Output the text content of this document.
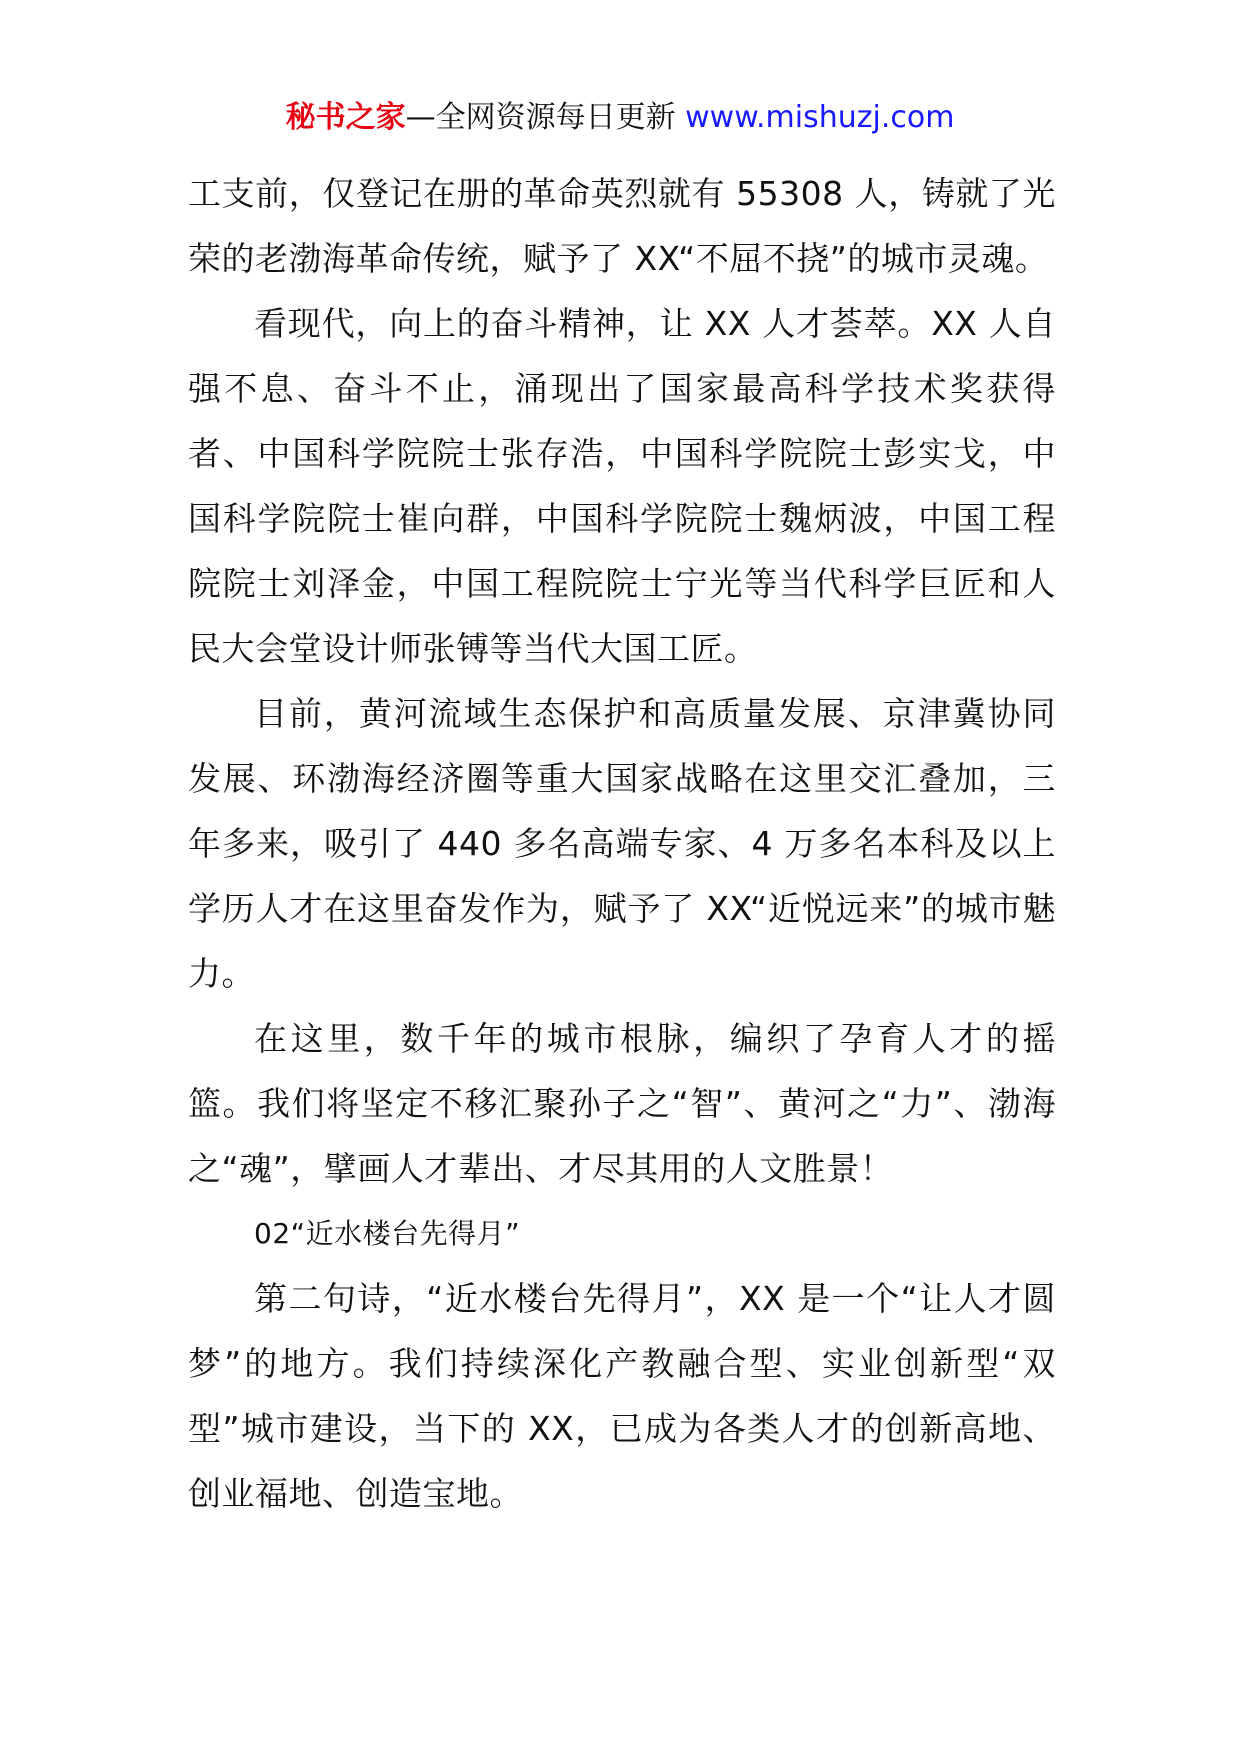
秘书之家—全网资源每日更新 www.mishuzj.com

工支前，仅登记在册的革命英烈就有 55308 人，铸就了光荣的老渤海革命传统，赋予了 XX“不屈不挠”的城市灵魂。

看现代，向上的奋斗精神，让 XX 人才荟萃。XX 人自强不息、奋斗不止，涌现出了国家最高科学技术奖获得者、中国科学院院士张存浩，中国科学院院士彭实戈，中国科学院院士崔向群，中国科学院院士魏炳波，中国工程院院士刘泽金，中国工程院院士宁光等当代科学巨匠和人民大会堂设计师张镈等当代大国工匠。

目前，黄河流域生态保护和高质量发展、京津冀协同发展、环渤海经济圈等重大国家战略在这里交汇叠加，三年多来，吸引了 440 多名高端专家、4 万多名本科及以上学历人才在这里奋发作为，赋予了 XX“近悦远来”的城市魅力。

在这里，数千年的城市根脉，编织了孕育人才的摇篮。我们将坚定不移汇聚孙子之“智”、黄河之“力”、渤海之“魂”，擘画人才辈出、才尽其用的人文胜景！

02“近水楼台先得月”

第二句诗，“近水楼台先得月”，XX 是一个“让人才圆梦”的地方。我们持续深化产教融合型、实业创新型“双型”城市建设，当下的 XX，已成为各类人才的创新高地、创业福地、创造宝地。
